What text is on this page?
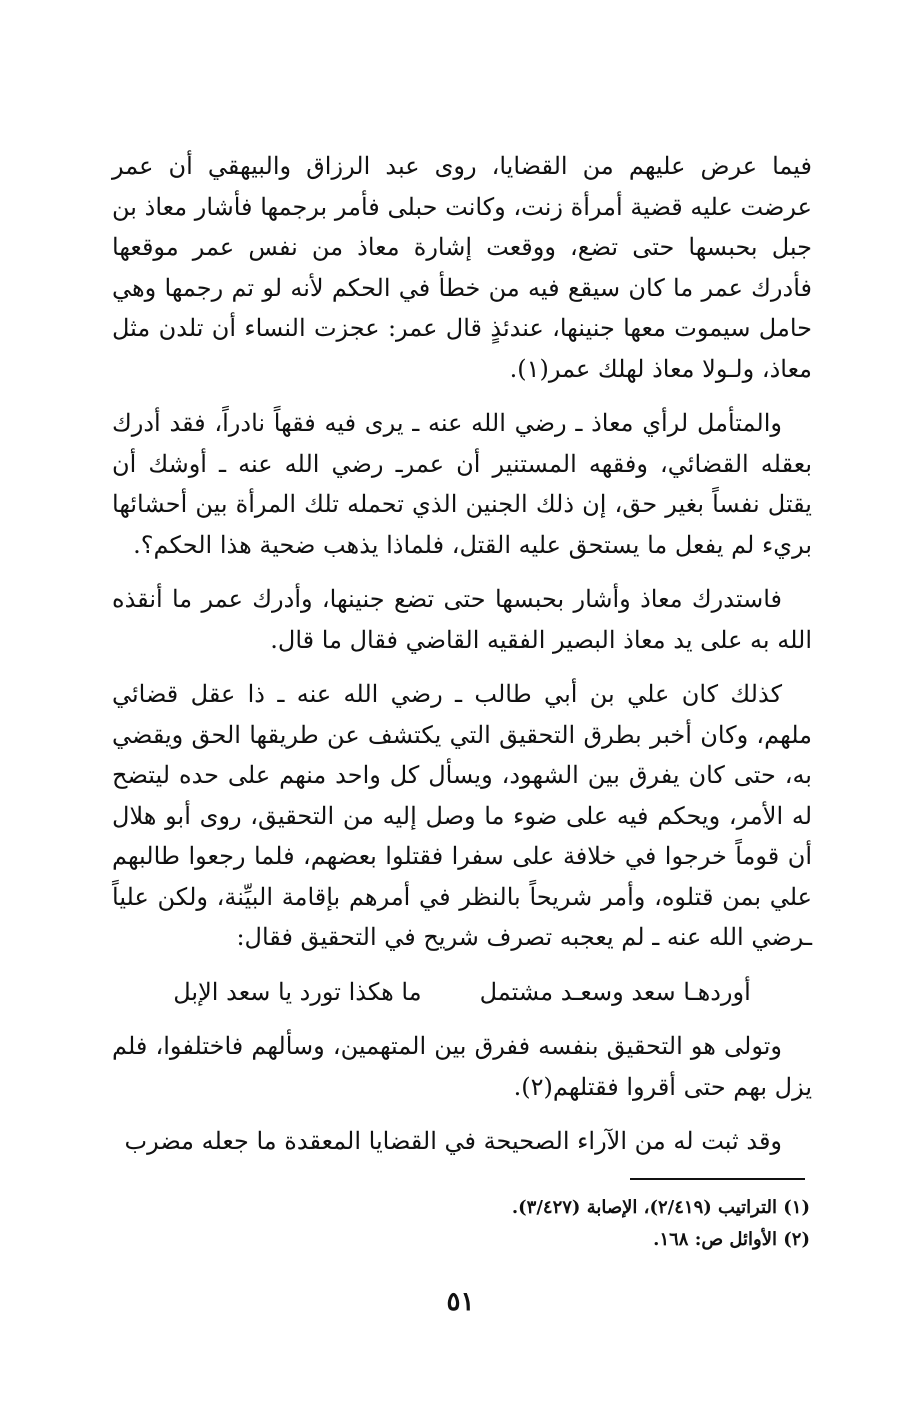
فيما عرض عليهم من القضايا، روى عبد الرزاق والبيهقي أن عمر عرضت عليه قضية أمرأة زنت، وكانت حبلى فأمر برجمها فأشار معاذ بن جبل بحبسها حتى تضع، ووقعت إشارة معاذ من نفس عمر موقعها فأدرك عمر ما كان سيقع فيه من خطأ في الحكم لأنه لو تم رجمها وهي حامل سيموت معها جنينها، عندئذٍ قال عمر: عجزت النساء أن تلدن مثل معاذ، ولـولا معاذ لهلك عمر(١).

والمتأمل لرأي معاذ ـ رضي الله عنه ـ يرى فيه فقهاً نادراً، فقد أدرك بعقله القضائي، وفقهه المستنير أن عمرـ رضي الله عنه ـ أوشك أن يقتل نفساً بغير حق، إن ذلك الجنين الذي تحمله تلك المرأة بين أحشائها بريء لم يفعل ما يستحق عليه القتل، فلماذا يذهب ضحية هذا الحكم؟.

فاستدرك معاذ وأشار بحبسها حتى تضع جنينها، وأدرك عمر ما أنقذه الله به على يد معاذ البصير الفقيه القاضي فقال ما قال.

كذلك كان علي بن أبي طالب ـ رضي الله عنه ـ ذا عقل قضائي ملهم، وكان أخبر بطرق التحقيق التي يكتشف عن طريقها الحق ويقضي به، حتى كان يفرق بين الشهود، ويسأل كل واحد منهم على حده ليتضح له الأمر، ويحكم فيه على ضوء ما وصل إليه من التحقيق، روى أبو هلال أن قوماً خرجوا في خلافة على سفرا فقتلوا بعضهم، فلما رجعوا طالبهم علي بمن قتلوه، وأمر شريحاً بالنظر في أمرهم بإقامة البيِّنة، ولكن علياً ـرضي الله عنه ـ لم يعجبه تصرف شريح في التحقيق فقال:

أوردهـا سعد وسعـد مشتمل
ما هكذا تورد يا سعد الإبل

وتولى هو التحقيق بنفسه ففرق بين المتهمين، وسألهم فاختلفوا، فلم يزل بهم حتى أقروا فقتلهم(٢).

وقد ثبت له من الآراء الصحيحة في القضايا المعقدة ما جعله مضرب

(١) التراتيب (٢/٤١٩)، الإصابة (٣/٤٢٧).

(٢) الأوائل ص: ١٦٨.

٥١
